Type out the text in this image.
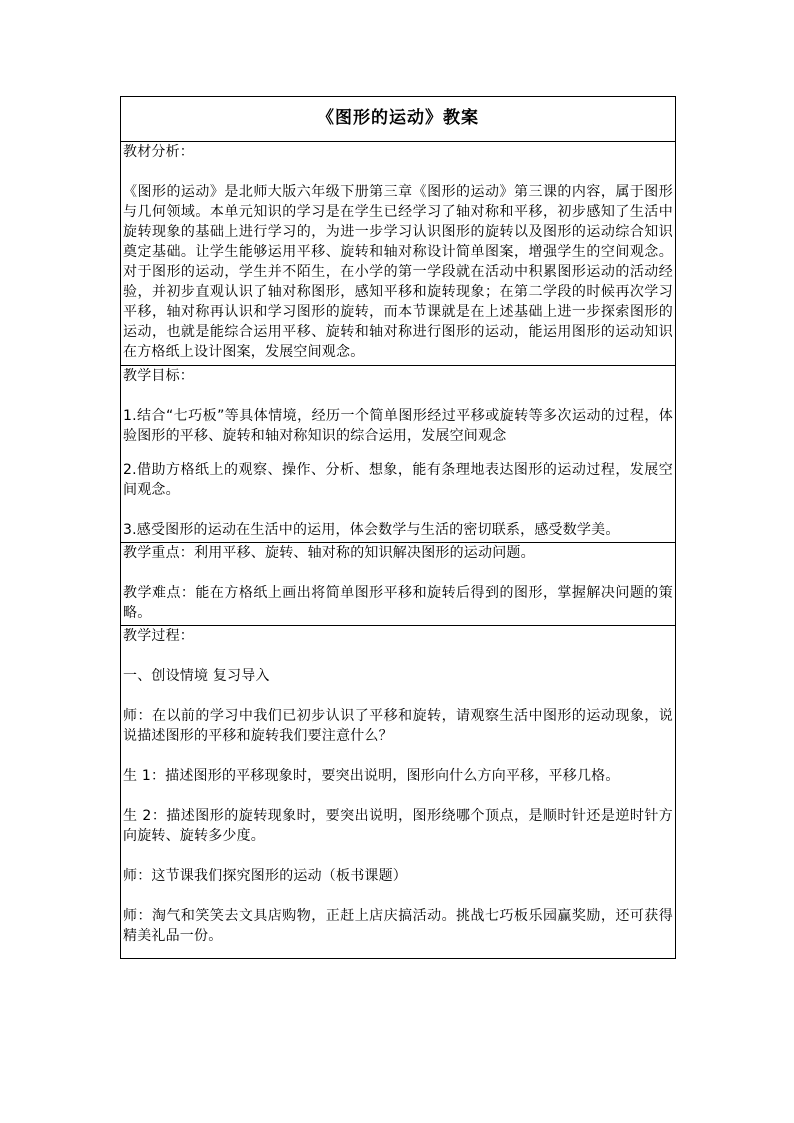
《图形的运动》教案

教材分析：

《图形的运动》是北师大版六年级下册第三章《图形的运动》第三课的内容，属于图形与几何领域。本单元知识的学习是在学生已经学习了轴对称和平移，初步感知了生活中旋转现象的基础上进行学习的，为进一步学习认识图形的旋转以及图形的运动综合知识奠定基础。让学生能够运用平移、旋转和轴对称设计简单图案，增强学生的空间观念。对于图形的运动，学生并不陌生，在小学的第一学段就在活动中积累图形运动的活动经验，并初步直观认识了轴对称图形，感知平移和旋转现象；在第二学段的时候再次学习平移，轴对称再认识和学习图形的旋转，而本节课就是在上述基础上进一步探索图形的运动，也就是能综合运用平移、旋转和轴对称进行图形的运动，能运用图形的运动知识在方格纸上设计图案，发展空间观念。

教学目标：

1.结合“七巧板”等具体情境，经历一个简单图形经过平移或旋转等多次运动的过程，体验图形的平移、旋转和轴对称知识的综合运用，发展空间观念

2.借助方格纸上的观察、操作、分析、想象，能有条理地表达图形的运动过程，发展空间观念。

3.感受图形的运动在生活中的运用，体会数学与生活的密切联系，感受数学美。

教学重点：利用平移、旋转、轴对称的知识解决图形的运动问题。

教学难点：能在方格纸上画出将简单图形平移和旋转后得到的图形，掌握解决问题的策略。

教学过程：

一、创设情境 复习导入

师：在以前的学习中我们已初步认识了平移和旋转，请观察生活中图形的运动现象，说说描述图形的平移和旋转我们要注意什么？

生 1：描述图形的平移现象时，要突出说明，图形向什么方向平移，平移几格。

生 2：描述图形的旋转现象时，要突出说明，图形绕哪个顶点，是顺时针还是逆时针方向旋转、旋转多少度。

师：这节课我们探究图形的运动（板书课题）

师：淘气和笑笑去文具店购物，正赶上店庆搞活动。挑战七巧板乐园赢奖励，还可获得精美礼品一份。
